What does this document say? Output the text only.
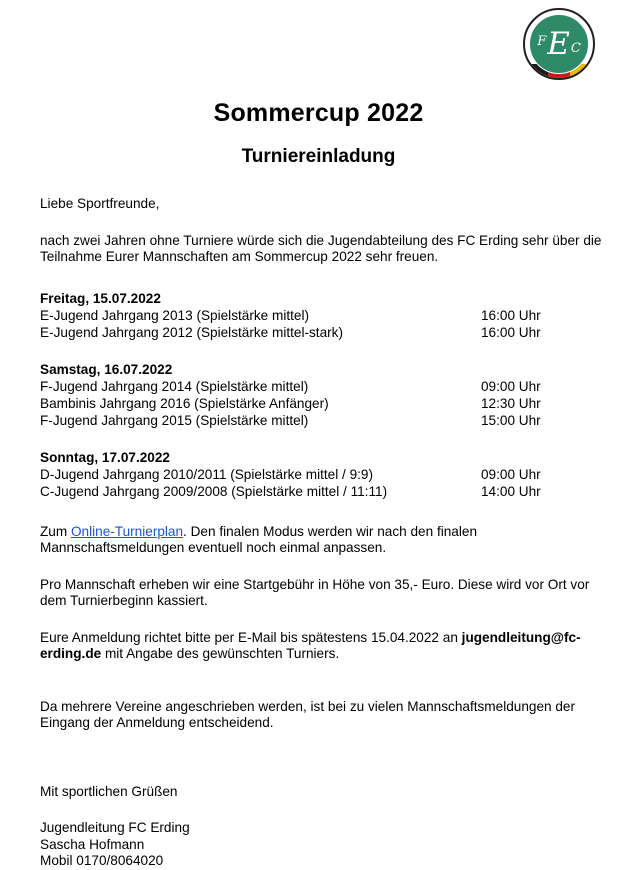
F E C
Sommercup 2022
Turniereinladung

Liebe Sportfreunde,

nach zwei Jahren ohne Turniere würde sich die Jugendabteilung des FC Erding sehr über die Teilnahme Eurer Mannschaften am Sommercup 2022 sehr freuen.

Freitag, 15.07.2022
E-Jugend Jahrgang 2013 (Spielstärke mittel)	16:00 Uhr
E-Jugend Jahrgang 2012 (Spielstärke mittel-stark)	16:00 Uhr
Samstag, 16.07.2022
F-Jugend Jahrgang 2014 (Spielstärke mittel)	09:00 Uhr
Bambinis Jahrgang 2016 (Spielstärke Anfänger)	12:30 Uhr
F-Jugend Jahrgang 2015 (Spielstärke mittel)	15:00 Uhr
Sonntag, 17.07.2022
D-Jugend Jahrgang 2010/2011 (Spielstärke mittel / 9:9)	09:00 Uhr
C-Jugend Jahrgang 2009/2008 (Spielstärke mittel / 11:11)	14:00 Uhr

Zum Online-Turnierplan. Den finalen Modus werden wir nach den finalen Mannschaftsmeldungen eventuell noch einmal anpassen.

Pro Mannschaft erheben wir eine Startgebühr in Höhe von 35,- Euro. Diese wird vor Ort vor dem Turnierbeginn kassiert.

Eure Anmeldung richtet bitte per E-Mail bis spätestens 15.04.2022 an jugendleitung@fc-erding.de mit Angabe des gewünschten Turniers.

Da mehrere Vereine angeschrieben werden, ist bei zu vielen Mannschaftsmeldungen der Eingang der Anmeldung entscheidend.

Mit sportlichen Grüßen

Jugendleitung FC Erding
Sascha Hofmann
Mobil 0170/8064020
